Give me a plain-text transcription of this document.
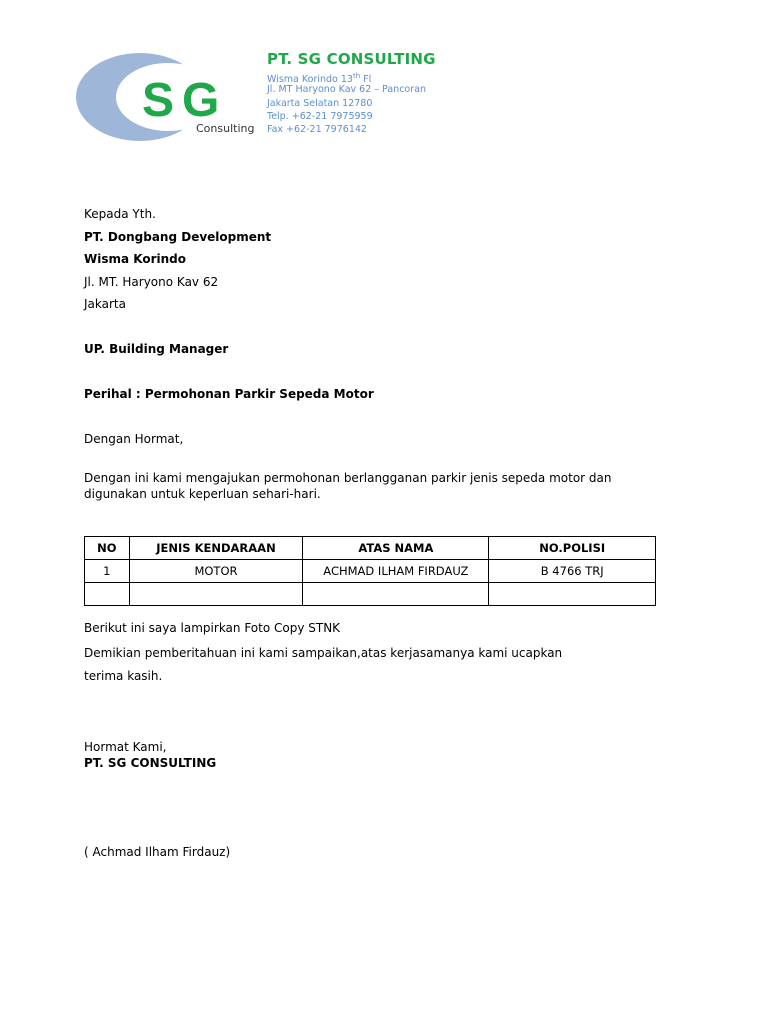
S G
Consulting
PT. SG CONSULTING
Wisma Korindo 13th Fl
Jl. MT Haryono Kav 62 – Pancoran
Jakarta Selatan 12780
Telp. +62-21 7975959
Fax +62-21 7976142
Kepada Yth.
PT. Dongbang Development
Wisma Korindo
Jl. MT. Haryono Kav 62
Jakarta
UP. Building Manager
Perihal : Permohonan Parkir Sepeda Motor
Dengan Hormat,
Dengan ini kami mengajukan permohonan berlangganan parkir jenis sepeda motor dan digunakan untuk keperluan sehari-hari.
NO	JENIS KENDARAAN	ATAS NAMA	NO.POLISI
1	MOTOR	ACHMAD ILHAM FIRDAUZ	B 4766 TRJ

Berikut ini saya lampirkan Foto Copy STNK
Demikian pemberitahuan ini kami sampaikan,atas kerjasamanya kami ucapkan
terima kasih.
Hormat Kami,
PT. SG CONSULTING
( Achmad Ilham Firdauz)
